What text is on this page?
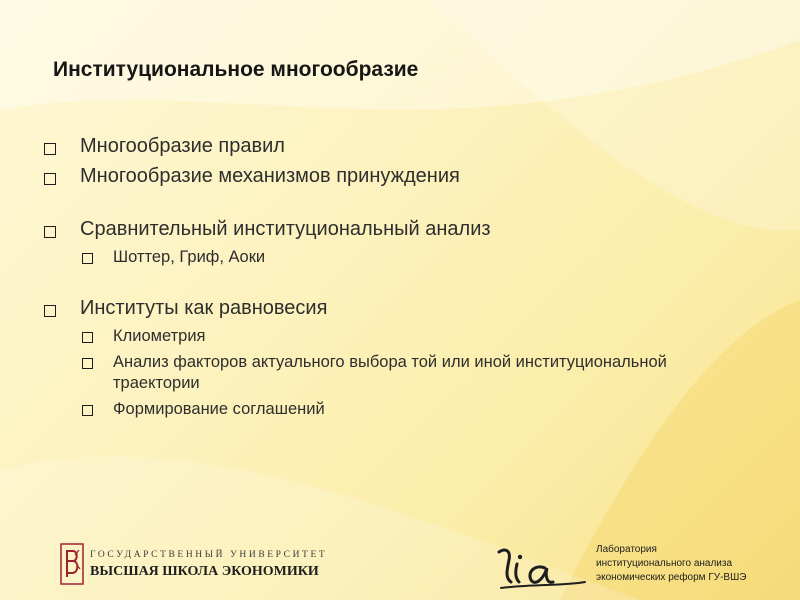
Институциональное многообразие
Многообразие правил
Многообразие механизмов принуждения
Сравнительный институциональный анализ
Шоттер, Гриф, Аоки
Институты как равновесия
Клиометрия
Анализ факторов актуального выбора той или иной институциональной траектории
Формирование соглашений

ГОСУДАРСТВЕННЫЙ УНИВЕРСИТЕТ

ВЫСШАЯ ШКОЛА ЭКОНОМИКИ

Лаборатория
институционального анализа
экономических реформ ГУ-ВШЭ
